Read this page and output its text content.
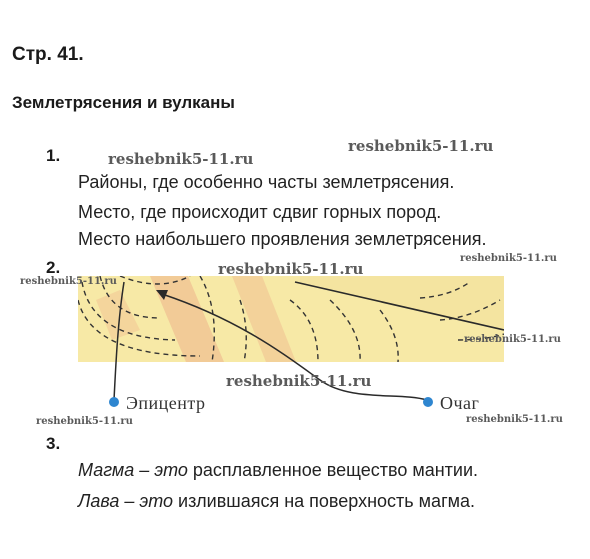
Стр. 41.
Землетрясения и вулканы
1.
Районы, где особенно часты землетрясения.
Место, где происходит сдвиг горных пород.
Место наибольшего проявления землетрясения.
2.
Эпицентр	Очаг
3.
Магма – это расплавленное вещество мантии.
Лава – это излившаяся на поверхность магма.
reshebnik5-11.ru
reshebnik5-11.ru
reshebnik5-11.ru
reshebnik5-11.ru
reshebnik5-11.ru
reshebnik5-11.ru
reshebnik5-11.ru
reshebnik5-11.ru	reshebnik5-11.ru
